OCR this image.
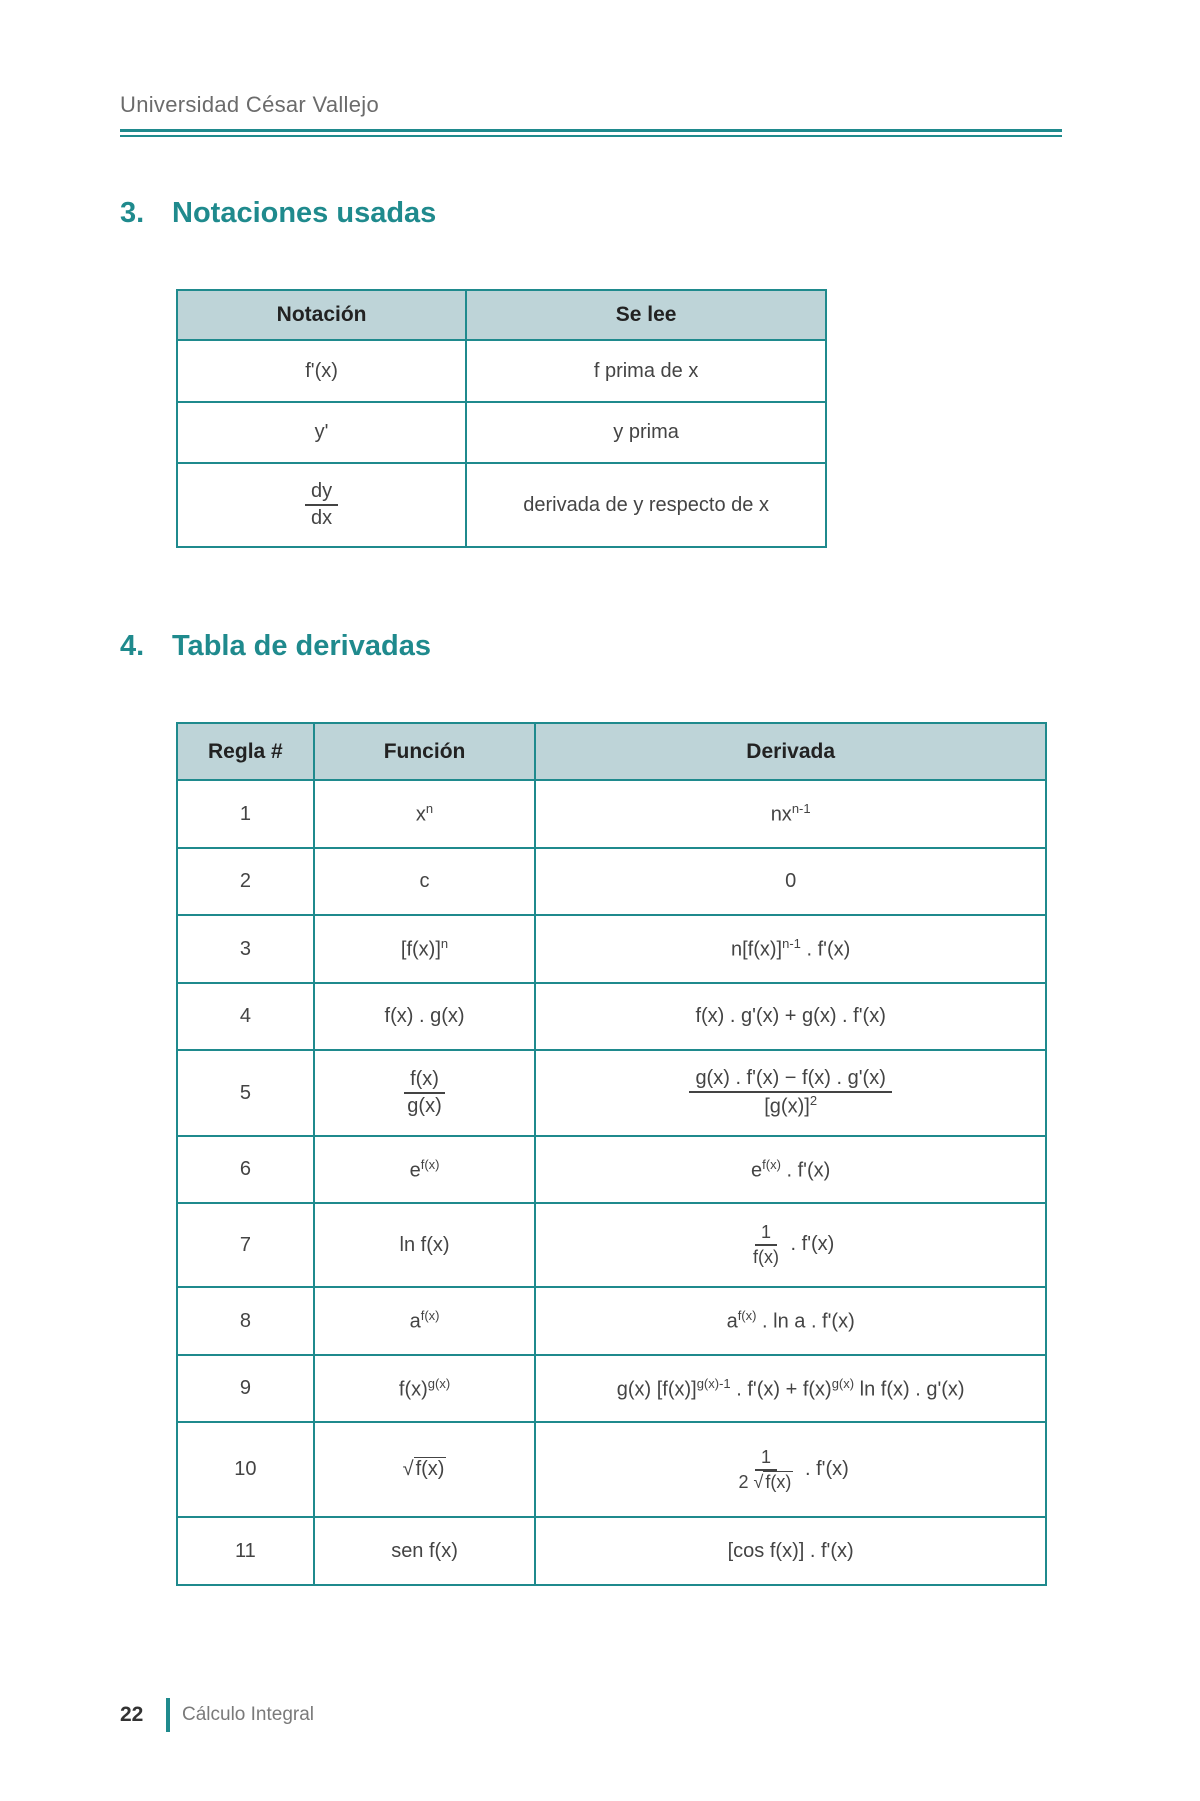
Universidad César Vallejo
3. Notaciones usadas
Notación	Se lee
f'(x)	f prima de x
y'	y prima

$\frac{dy}{dx}$	derivada de y respecto de x
4. Tabla de derivadas
Regla #	Función	Derivada
1	$x^n$	$nx^{n-1}$
2	c	0
3	$[f(x)]^n$	$n[f(x)]^{n-1}$ . f'(x)
4	f(x) . g(x)	f(x) . g'(x) + g(x) . f'(x)
5	$\frac{f(x)}{g(x)}$	$\frac{g(x) . f'(x) - f(x) . g'(x)}{[g(x)]^2}$

6	$e^{f(x)}$	$e^{f(x)}$ . f'(x)
7	ln f(x)	$\frac{1}{f(x)}$ . f'(x)
8	$a^{f(x)}$	$a^{f(x)}$ . ln a . f'(x)
9	$f(x)^{g(x)}$	g(x) $[f(x)]^{g(x)-1}$ . $f'(x) + f(x)^{g(x)}$ ln f(x) . g'(x)
10	√ f(x)	$\frac{1}{2 √ f(x)}$ . f'(x)
11	sen f(x)	[cos f(x)] . f'(x)
22	Cálculo Integral
